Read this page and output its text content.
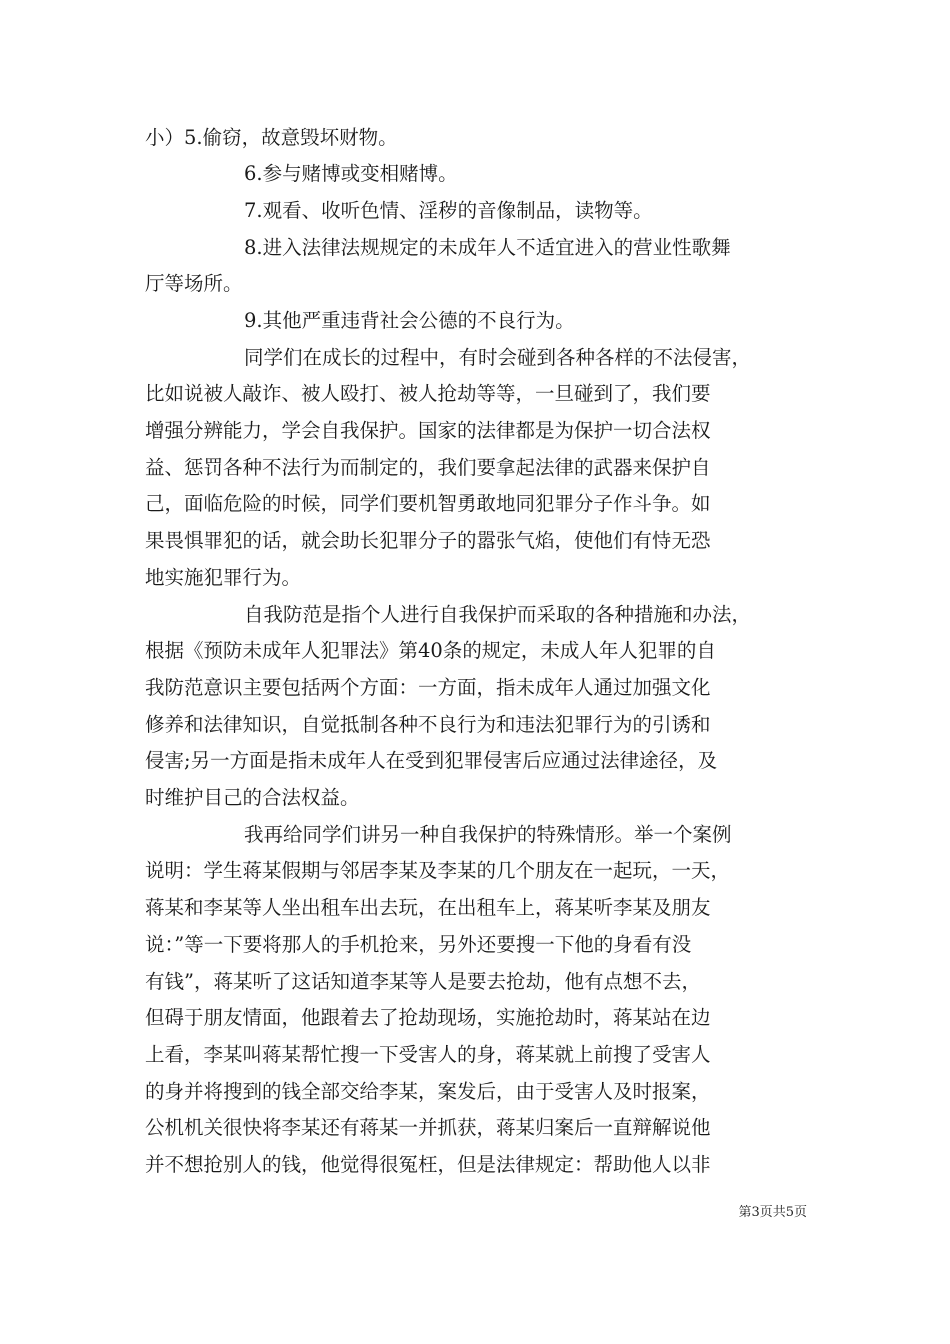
小）5.偷窃，故意毁坏财物。
6.参与赌博或变相赌博。
7.观看、收听色情、淫秽的音像制品，读物等。
8.进入法律法规规定的未成年人不适宜进入的营业性歌舞
厅等场所。
9.其他严重违背社会公德的不良行为。
同学们在成长的过程中，有时会碰到各种各样的不法侵害，
比如说被人敲诈、被人殴打、被人抢劫等等，一旦碰到了，我们要
增强分辨能力，学会自我保护。国家的法律都是为保护一切合法权
益、惩罚各种不法行为而制定的，我们要拿起法律的武器来保护自
己，面临危险的时候，同学们要机智勇敢地同犯罪分子作斗争。如
果畏惧罪犯的话，就会助长犯罪分子的嚣张气焰，使他们有恃无恐
地实施犯罪行为。
自我防范是指个人进行自我保护而采取的各种措施和办法，
根据《预防未成年人犯罪法》第40条的规定，未成人年人犯罪的自
我防范意识主要包括两个方面：一方面，指未成年人通过加强文化
修养和法律知识，自觉抵制各种不良行为和违法犯罪行为的引诱和
侵害;另一方面是指未成年人在受到犯罪侵害后应通过法律途径，及
时维护目己的合法权益。
我再给同学们讲另一种自我保护的特殊情形。举一个案例
说明：学生蒋某假期与邻居李某及李某的几个朋友在一起玩，一天，
蒋某和李某等人坐出租车出去玩，在出租车上，蒋某听李某及朋友
说：”等一下要将那人的手机抢来，另外还要搜一下他的身看有没
有钱”，蒋某听了这话知道李某等人是要去抢劫，他有点想不去，
但碍于朋友情面，他跟着去了抢劫现场，实施抢劫时，蒋某站在边
上看，李某叫蒋某帮忙搜一下受害人的身，蒋某就上前搜了受害人
的身并将搜到的钱全部交给李某，案发后，由于受害人及时报案，
公机机关很快将李某还有蒋某一并抓获，蒋某归案后一直辩解说他
并不想抢别人的钱，他觉得很冤枉，但是法律规定：帮助他人以非
第3页共5页
